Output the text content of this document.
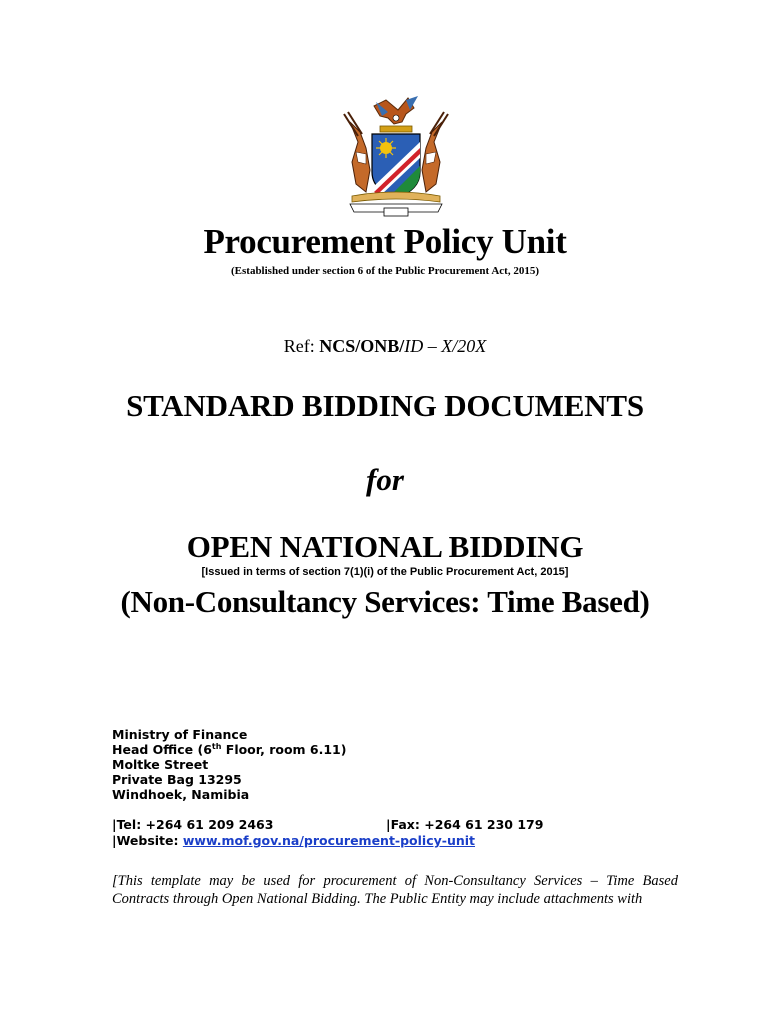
Procurement Policy Unit
(Established under section 6 of the Public Procurement Act, 2015)
Ref: NCS/ONB/ID – X/20X
STANDARD BIDDING DOCUMENTS
for
OPEN NATIONAL BIDDING
[Issued in terms of section 7(1)(i) of the Public Procurement Act, 2015]
(Non-Consultancy Services: Time Based)
Ministry of Finance
Head Office (6th Floor, room 6.11)
Moltke Street
Private Bag 13295
Windhoek, Namibia
|Tel: +264 61 209 2463	|Fax: +264 61 230 179
|Website: www.mof.gov.na/procurement-policy-unit
[This template may be used for procurement of Non-Consultancy Services – Time Based Contracts through Open National Bidding. The Public Entity may include attachments with
